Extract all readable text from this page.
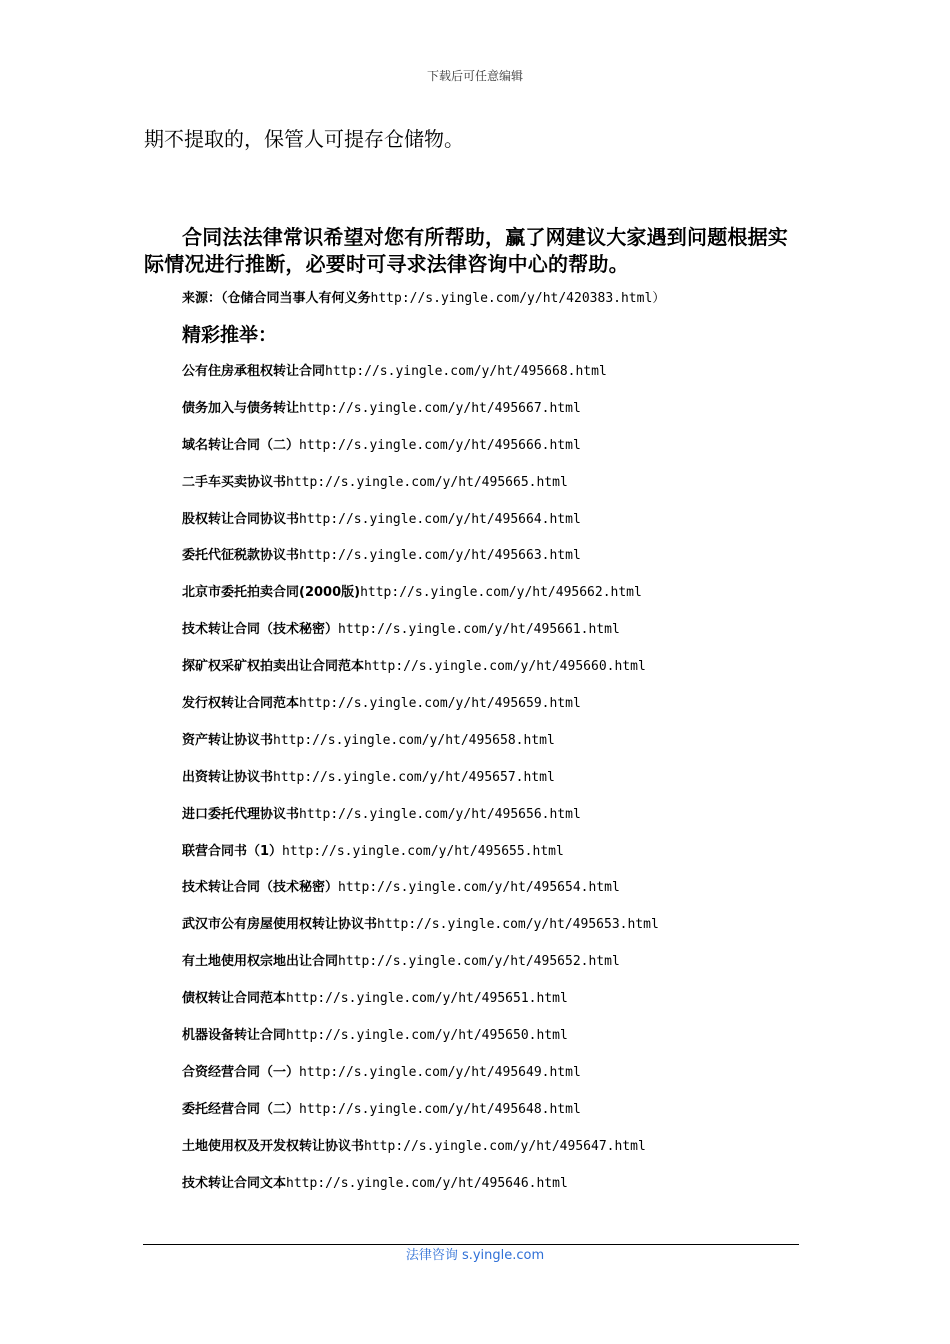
下载后可任意编辑
期不提取的，保管人可提存仓储物。
合同法法律常识希望对您有所帮助，赢了网建议大家遇到问题根据实际情况进行推断，必要时可寻求法律咨询中心的帮助。
来源：（仓储合同当事人有何义务http://s.yingle.com/y/ht/420383.html）
精彩推举：
公有住房承租权转让合同http://s.yingle.com/y/ht/495668.html
债务加入与债务转让http://s.yingle.com/y/ht/495667.html
域名转让合同（二）http://s.yingle.com/y/ht/495666.html
二手车买卖协议书http://s.yingle.com/y/ht/495665.html
股权转让合同协议书http://s.yingle.com/y/ht/495664.html
委托代征税款协议书http://s.yingle.com/y/ht/495663.html
北京市委托拍卖合同(2000版)http://s.yingle.com/y/ht/495662.html
技术转让合同（技术秘密）http://s.yingle.com/y/ht/495661.html
探矿权采矿权拍卖出让合同范本http://s.yingle.com/y/ht/495660.html
发行权转让合同范本http://s.yingle.com/y/ht/495659.html
资产转让协议书http://s.yingle.com/y/ht/495658.html
出资转让协议书http://s.yingle.com/y/ht/495657.html
进口委托代理协议书http://s.yingle.com/y/ht/495656.html
联营合同书（1）http://s.yingle.com/y/ht/495655.html
技术转让合同（技术秘密）http://s.yingle.com/y/ht/495654.html
武汉市公有房屋使用权转让协议书http://s.yingle.com/y/ht/495653.html
有土地使用权宗地出让合同http://s.yingle.com/y/ht/495652.html
债权转让合同范本http://s.yingle.com/y/ht/495651.html
机器设备转让合同http://s.yingle.com/y/ht/495650.html
合资经营合同（一）http://s.yingle.com/y/ht/495649.html
委托经营合同（二）http://s.yingle.com/y/ht/495648.html
土地使用权及开发权转让协议书http://s.yingle.com/y/ht/495647.html
技术转让合同文本http://s.yingle.com/y/ht/495646.html
法律咨询 s.yingle.com
